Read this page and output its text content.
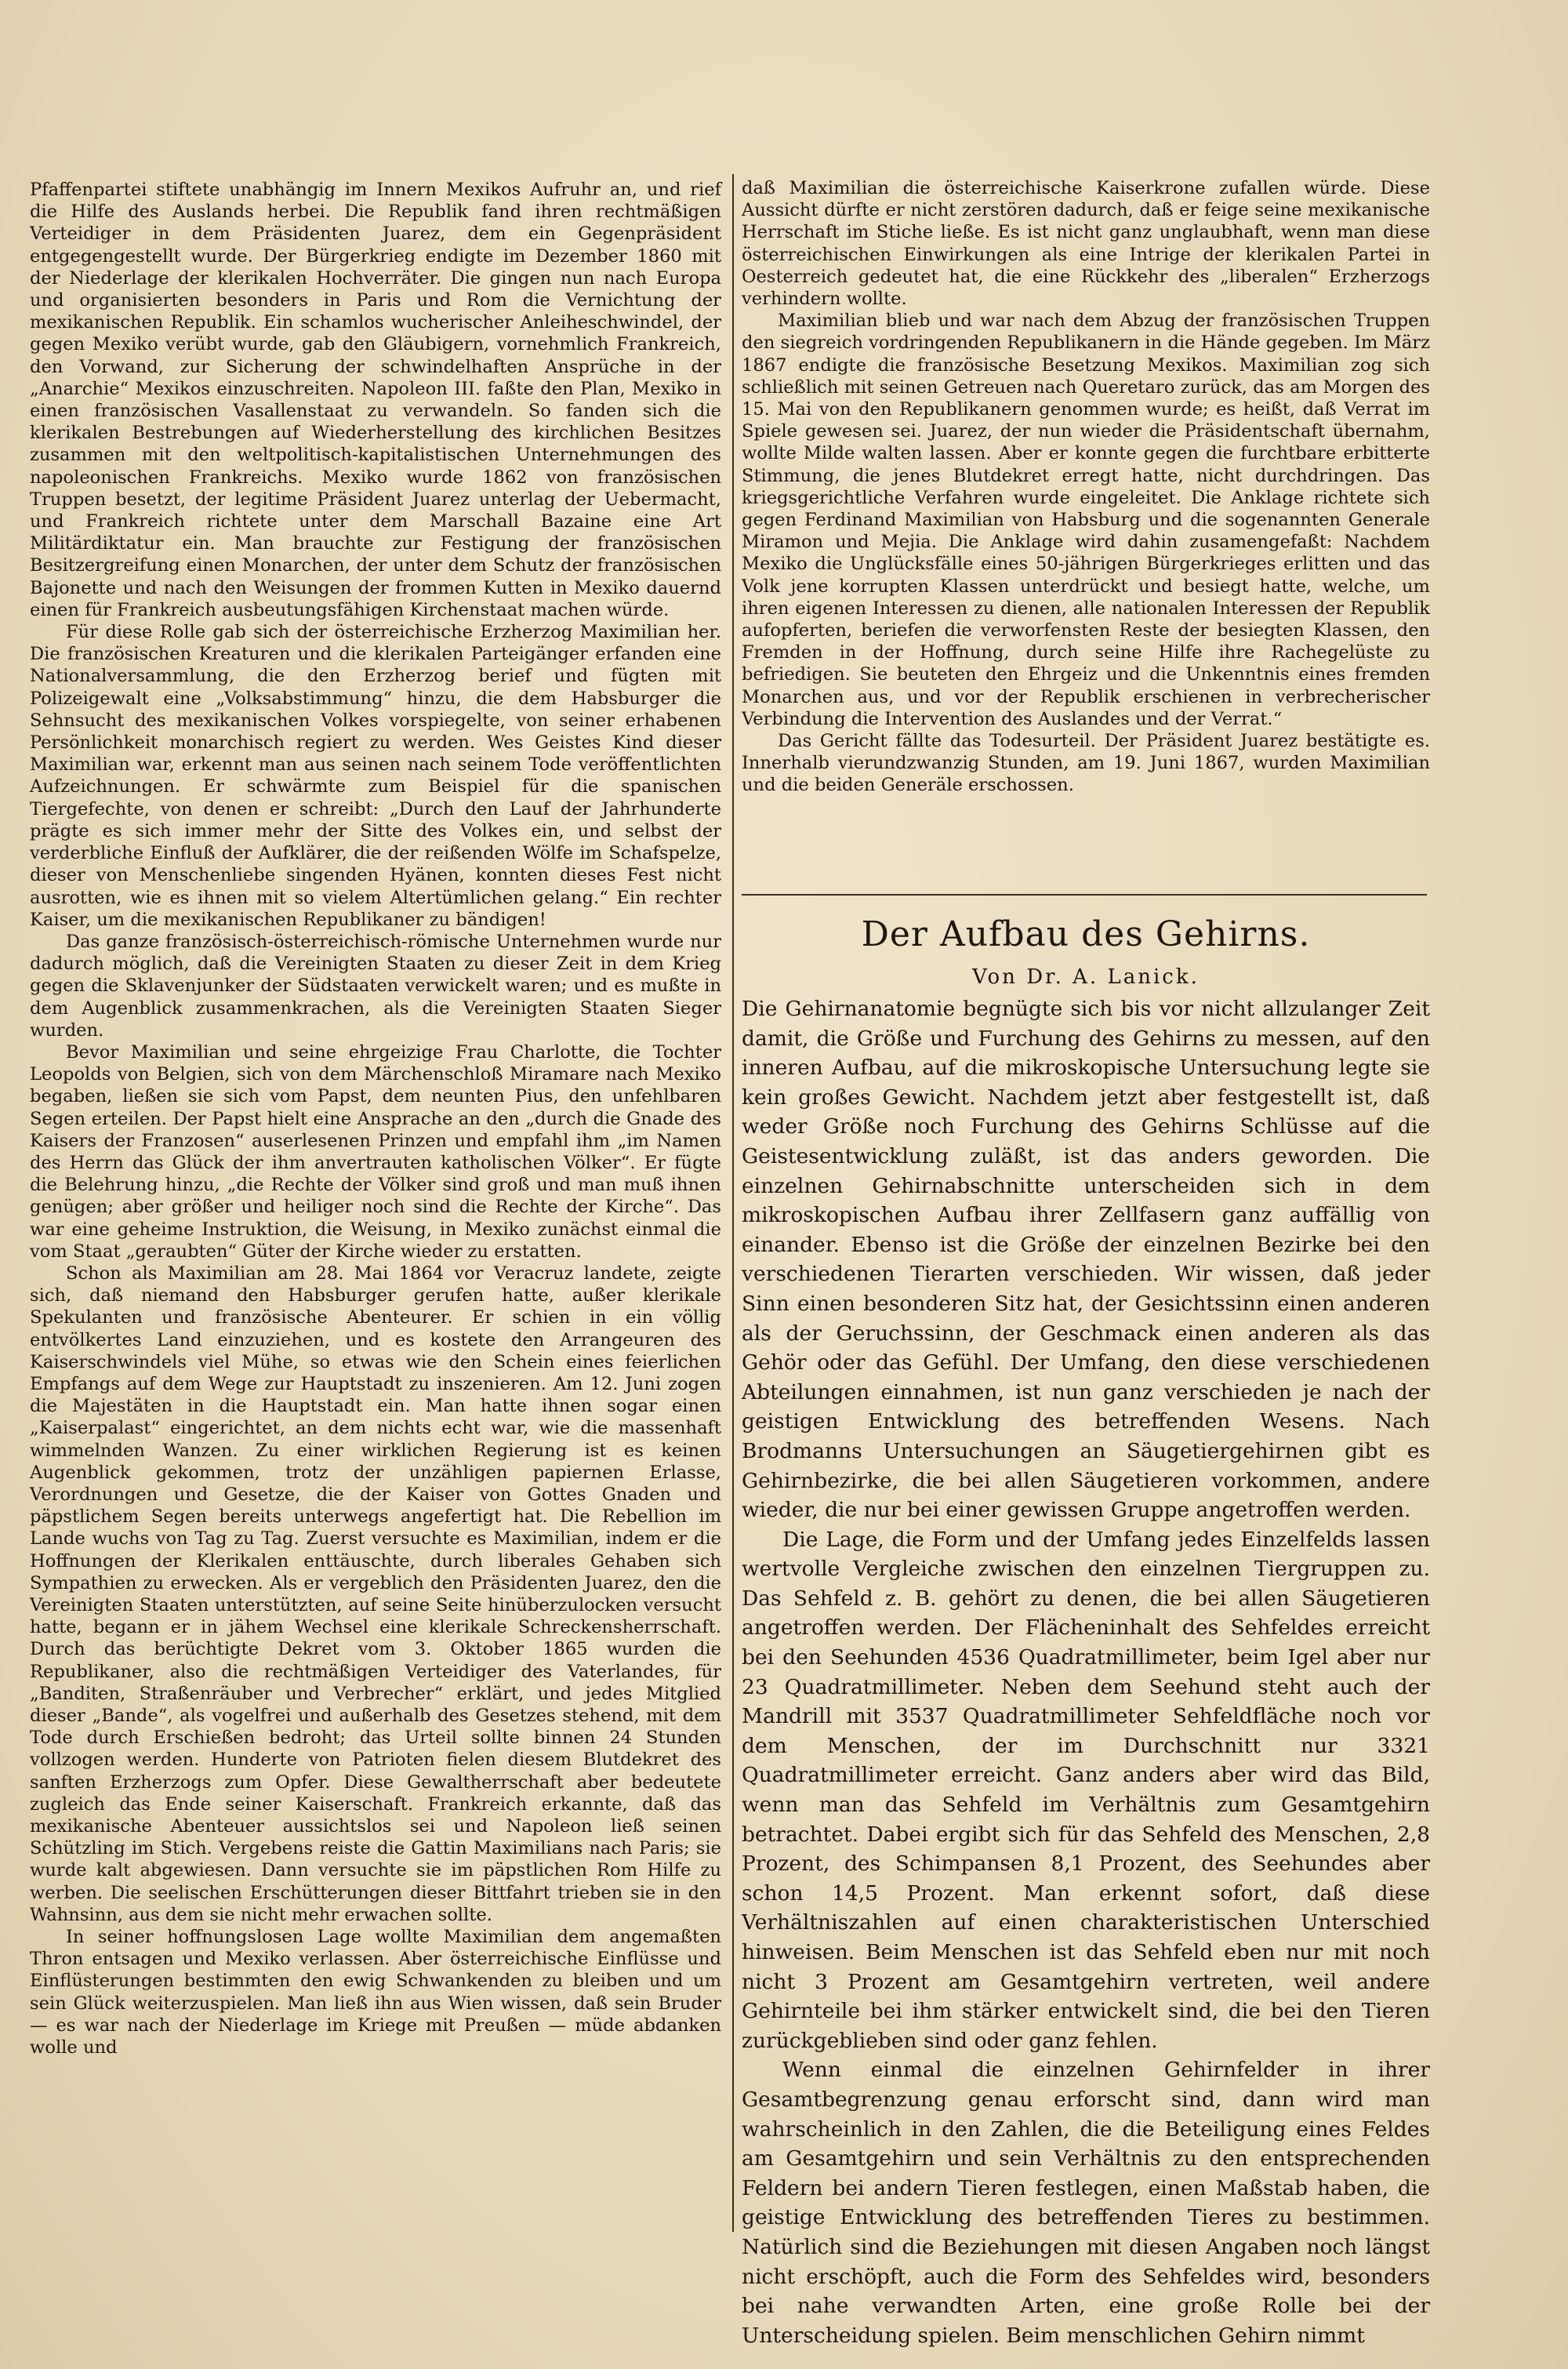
Pfaffenpartei stiftete unabhängig im Innern Mexikos Aufruhr an, und rief die Hilfe des Auslands herbei. Die Republik fand ihren rechtmäßigen Verteidiger in dem Präsidenten Juarez, dem ein Gegenpräsident entgegengestellt wurde. Der Bürgerkrieg endigte im Dezember 1860 mit der Niederlage der klerikalen Hochverräter. Die gingen nun nach Europa und organisierten besonders in Paris und Rom die Vernichtung der mexikanischen Republik. Ein schamlos wucherischer Anleiheschwindel, der gegen Mexiko verübt wurde, gab den Gläubigern, vornehmlich Frankreich, den Vorwand, zur Sicherung der schwindelhaften Ansprüche in der „Anarchie“ Mexikos einzuschreiten. Napoleon III. faßte den Plan, Mexiko in einen französischen Vasallenstaat zu verwandeln. So fanden sich die klerikalen Bestrebungen auf Wiederherstellung des kirchlichen Besitzes zusammen mit den weltpolitisch-kapitalistischen Unternehmungen des napoleonischen Frankreichs. Mexiko wurde 1862 von französischen Truppen besetzt, der legitime Präsident Juarez unterlag der Uebermacht, und Frankreich richtete unter dem Marschall Bazaine eine Art Militärdiktatur ein. Man brauchte zur Festigung der französischen Besitzergreifung einen Monarchen, der unter dem Schutz der französischen Bajonette und nach den Weisungen der frommen Kutten in Mexiko dauernd einen für Frankreich ausbeutungsfähigen Kirchenstaat machen würde.

Für diese Rolle gab sich der österreichische Erzherzog Maximilian her. Die französischen Kreaturen und die klerikalen Parteigänger erfanden eine Nationalversammlung, die den Erzherzog berief und fügten mit Polizeigewalt eine „Volksabstimmung“ hinzu, die dem Habsburger die Sehnsucht des mexikanischen Volkes vorspiegelte, von seiner erhabenen Persönlichkeit monarchisch regiert zu werden. Wes Geistes Kind dieser Maximilian war, erkennt man aus seinen nach seinem Tode veröffentlichten Aufzeichnungen. Er schwärmte zum Beispiel für die spanischen Tiergefechte, von denen er schreibt: „Durch den Lauf der Jahrhunderte prägte es sich immer mehr der Sitte des Volkes ein, und selbst der verderbliche Einfluß der Aufklärer, die der reißenden Wölfe im Schafspelze, dieser von Menschenliebe singenden Hyänen, konnten dieses Fest nicht ausrotten, wie es ihnen mit so vielem Altertümlichen gelang.“ Ein rechter Kaiser, um die mexikanischen Republikaner zu bändigen!

Das ganze französisch-österreichisch-römische Unternehmen wurde nur dadurch möglich, daß die Vereinigten Staaten zu dieser Zeit in dem Krieg gegen die Sklavenjunker der Südstaaten verwickelt waren; und es mußte in dem Augenblick zusammenkrachen, als die Vereinigten Staaten Sieger wurden.

Bevor Maximilian und seine ehrgeizige Frau Charlotte, die Tochter Leopolds von Belgien, sich von dem Märchenschloß Miramare nach Mexiko begaben, ließen sie sich vom Papst, dem neunten Pius, den unfehlbaren Segen erteilen. Der Papst hielt eine Ansprache an den „durch die Gnade des Kaisers der Franzosen“ auserlesenen Prinzen und empfahl ihm „im Namen des Herrn das Glück der ihm anvertrauten katholischen Völker“. Er fügte die Belehrung hinzu, „die Rechte der Völker sind groß und man muß ihnen genügen; aber größer und heiliger noch sind die Rechte der Kirche“. Das war eine geheime Instruktion, die Weisung, in Mexiko zunächst einmal die vom Staat „geraubten“ Güter der Kirche wieder zu erstatten.

Schon als Maximilian am 28. Mai 1864 vor Veracruz landete, zeigte sich, daß niemand den Habsburger gerufen hatte, außer klerikale Spekulanten und französische Abenteurer. Er schien in ein völlig entvölkertes Land einzuziehen, und es kostete den Arrangeuren des Kaiserschwindels viel Mühe, so etwas wie den Schein eines feierlichen Empfangs auf dem Wege zur Hauptstadt zu inszenieren. Am 12. Juni zogen die Majestäten in die Hauptstadt ein. Man hatte ihnen sogar einen „Kaiserpalast“ eingerichtet, an dem nichts echt war, wie die massenhaft wimmelnden Wanzen. Zu einer wirklichen Regierung ist es keinen Augenblick gekommen, trotz der unzähligen papiernen Erlasse, Verordnungen und Gesetze, die der Kaiser von Gottes Gnaden und päpstlichem Segen bereits unterwegs angefertigt hat. Die Rebellion im Lande wuchs von Tag zu Tag. Zuerst versuchte es Maximilian, indem er die Hoffnungen der Klerikalen enttäuschte, durch liberales Gehaben sich Sympathien zu erwecken. Als er vergeblich den Präsidenten Juarez, den die Vereinigten Staaten unterstützten, auf seine Seite hinüberzulocken versucht hatte, begann er in jähem Wechsel eine klerikale Schreckensherrschaft. Durch das berüchtigte Dekret vom 3. Oktober 1865 wurden die Republikaner, also die rechtmäßigen Verteidiger des Vaterlandes, für „Banditen, Straßenräuber und Verbrecher“ erklärt, und jedes Mitglied dieser „Bande“, als vogelfrei und außerhalb des Gesetzes stehend, mit dem Tode durch Erschießen bedroht; das Urteil sollte binnen 24 Stunden vollzogen werden. Hunderte von Patrioten fielen diesem Blutdekret des sanften Erzherzogs zum Opfer. Diese Gewaltherrschaft aber bedeutete zugleich das Ende seiner Kaiserschaft. Frankreich erkannte, daß das mexikanische Abenteuer aussichtslos sei und Napoleon ließ seinen Schützling im Stich. Vergebens reiste die Gattin Maximilians nach Paris; sie wurde kalt abgewiesen. Dann versuchte sie im päpstlichen Rom Hilfe zu werben. Die seelischen Erschütterungen dieser Bittfahrt trieben sie in den Wahnsinn, aus dem sie nicht mehr erwachen sollte.

In seiner hoffnungslosen Lage wollte Maximilian dem angemaßten Thron entsagen und Mexiko verlassen. Aber österreichische Einflüsse und Einflüsterungen bestimmten den ewig Schwankenden zu bleiben und um sein Glück weiterzuspielen. Man ließ ihn aus Wien wissen, daß sein Bruder — es war nach der Niederlage im Kriege mit Preußen — müde abdanken wolle und

daß Maximilian die österreichische Kaiserkrone zufallen würde. Diese Aussicht dürfte er nicht zerstören dadurch, daß er feige seine mexikanische Herrschaft im Stiche ließe. Es ist nicht ganz unglaubhaft, wenn man diese österreichischen Einwirkungen als eine Intrige der klerikalen Partei in Oesterreich gedeutet hat, die eine Rückkehr des „liberalen“ Erzherzogs verhindern wollte.

Maximilian blieb und war nach dem Abzug der französischen Truppen den siegreich vordringenden Republikanern in die Hände gegeben. Im März 1867 endigte die französische Besetzung Mexikos. Maximilian zog sich schließlich mit seinen Getreuen nach Queretaro zurück, das am Morgen des 15. Mai von den Republikanern genommen wurde; es heißt, daß Verrat im Spiele gewesen sei. Juarez, der nun wieder die Präsidentschaft übernahm, wollte Milde walten lassen. Aber er konnte gegen die furchtbare erbitterte Stimmung, die jenes Blutdekret erregt hatte, nicht durchdringen. Das kriegsgerichtliche Verfahren wurde eingeleitet. Die Anklage richtete sich gegen Ferdinand Maximilian von Habsburg und die sogenannten Generale Miramon und Mejia. Die Anklage wird dahin zusamengefaßt: Nachdem Mexiko die Unglücksfälle eines 50-jährigen Bürgerkrieges erlitten und das Volk jene korrupten Klassen unterdrückt und besiegt hatte, welche, um ihren eigenen Interessen zu dienen, alle nationalen Interessen der Republik aufopferten, beriefen die verworfensten Reste der besiegten Klassen, den Fremden in der Hoffnung, durch seine Hilfe ihre Rachegelüste zu befriedigen. Sie beuteten den Ehrgeiz und die Unkenntnis eines fremden Monarchen aus, und vor der Republik erschienen in verbrecherischer Verbindung die Intervention des Auslandes und der Verrat.“

Das Gericht fällte das Todesurteil. Der Präsident Juarez bestätigte es. Innerhalb vierundzwanzig Stunden, am 19. Juni 1867, wurden Maximilian und die beiden Generäle erschossen.

Der Aufbau des Gehirns.
Von Dr. A. Lanick.

Die Gehirnanatomie begnügte sich bis vor nicht allzulanger Zeit damit, die Größe und Furchung des Gehirns zu messen, auf den inneren Aufbau, auf die mikroskopische Untersuchung legte sie kein großes Gewicht. Nachdem jetzt aber festgestellt ist, daß weder Größe noch Furchung des Gehirns Schlüsse auf die Geistesentwicklung zuläßt, ist das anders geworden. Die einzelnen Gehirnabschnitte unterscheiden sich in dem mikroskopischen Aufbau ihrer Zellfasern ganz auffällig von einander. Ebenso ist die Größe der einzelnen Bezirke bei den verschiedenen Tierarten verschieden. Wir wissen, daß jeder Sinn einen besonderen Sitz hat, der Gesichtssinn einen anderen als der Geruchssinn, der Geschmack einen anderen als das Gehör oder das Gefühl. Der Umfang, den diese verschiedenen Abteilungen einnahmen, ist nun ganz verschieden je nach der geistigen Entwicklung des betreffenden Wesens. Nach Brodmanns Untersuchungen an Säugetiergehirnen gibt es Gehirnbezirke, die bei allen Säugetieren vorkommen, andere wieder, die nur bei einer gewissen Gruppe angetroffen werden.

Die Lage, die Form und der Umfang jedes Einzelfelds lassen wertvolle Vergleiche zwischen den einzelnen Tiergruppen zu. Das Sehfeld z. B. gehört zu denen, die bei allen Säugetieren angetroffen werden. Der Flächeninhalt des Sehfeldes erreicht bei den Seehunden 4536 Quadratmillimeter, beim Igel aber nur 23 Quadratmillimeter. Neben dem Seehund steht auch der Mandrill mit 3537 Quadratmillimeter Sehfeldfläche noch vor dem Menschen, der im Durchschnitt nur 3321 Quadratmillimeter erreicht. Ganz anders aber wird das Bild, wenn man das Sehfeld im Verhältnis zum Gesamtgehirn betrachtet. Dabei ergibt sich für das Sehfeld des Menschen, 2,8 Prozent, des Schimpansen 8,1 Prozent, des Seehundes aber schon 14,5 Prozent. Man erkennt sofort, daß diese Verhältniszahlen auf einen charakteristischen Unterschied hinweisen. Beim Menschen ist das Sehfeld eben nur mit noch nicht 3 Prozent am Gesamtgehirn vertreten, weil andere Gehirnteile bei ihm stärker entwickelt sind, die bei den Tieren zurückgeblieben sind oder ganz fehlen.

Wenn einmal die einzelnen Gehirnfelder in ihrer Gesamtbegrenzung genau erforscht sind, dann wird man wahrscheinlich in den Zahlen, die die Beteiligung eines Feldes am Gesamtgehirn und sein Verhältnis zu den entsprechenden Feldern bei andern Tieren festlegen, einen Maßstab haben, die geistige Entwicklung des betreffenden Tieres zu bestimmen. Natürlich sind die Beziehungen mit diesen Angaben noch längst nicht erschöpft, auch die Form des Sehfeldes wird, besonders bei nahe verwandten Arten, eine große Rolle bei der Unterscheidung spielen. Beim menschlichen Gehirn nimmt
